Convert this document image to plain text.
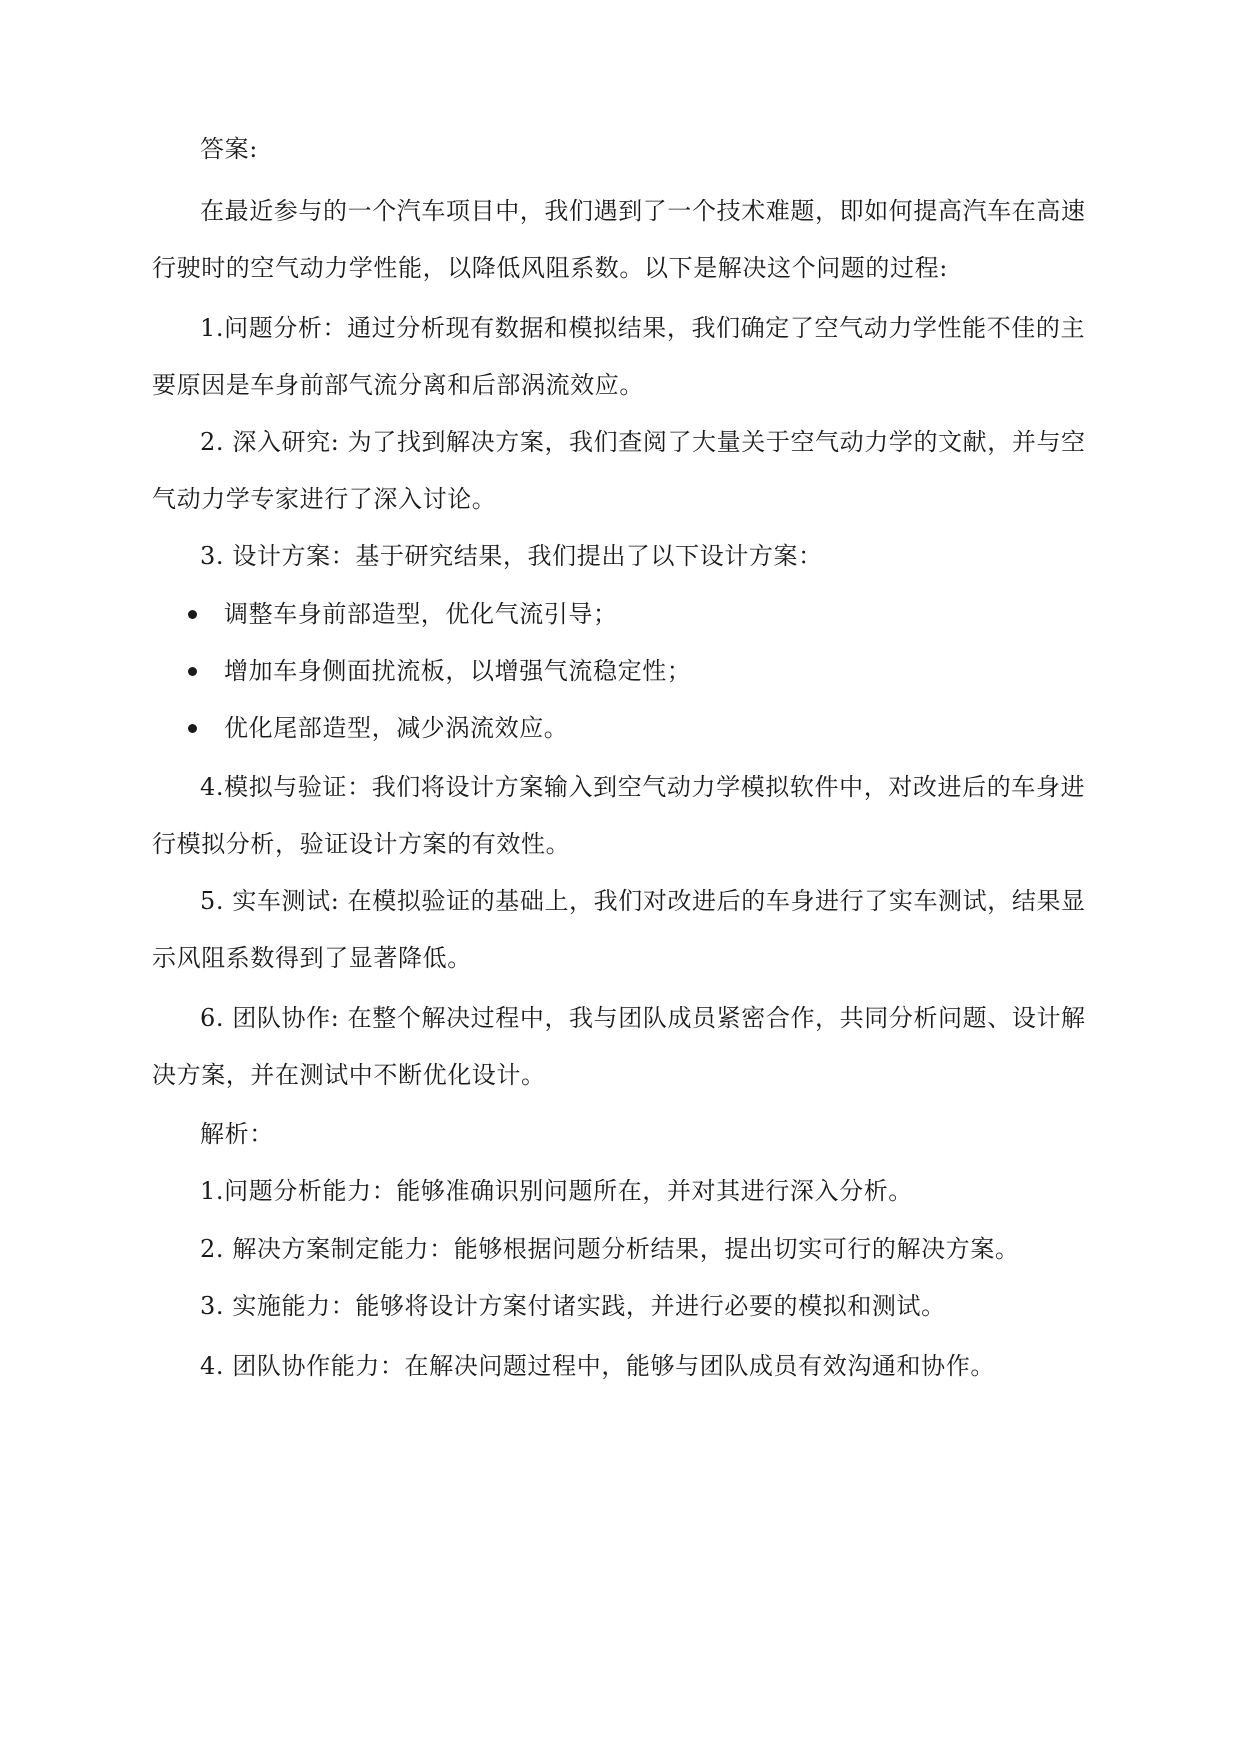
答案:
在最近参与的一个汽车项目中，我们遇到了一个技术难题，即如何提高汽车在高速
行驶时的空气动力学性能，以降低风阻系数。以下是解决这个问题的过程:
1.问题分析：通过分析现有数据和模拟结果，我们确定了空气动力学性能不佳的主
要原因是车身前部气流分离和后部涡流效应。
2. 深入研究: 为了找到解决方案，我们查阅了大量关于空气动力学的文献，并与空
气动力学专家进行了深入讨论。
3. 设计方案：基于研究结果，我们提出了以下设计方案：
调整车身前部造型，优化气流引导；
增加车身侧面扰流板，以增强气流稳定性；
优化尾部造型，减少涡流效应。
4.模拟与验证：我们将设计方案输入到空气动力学模拟软件中，对改进后的车身进
行模拟分析，验证设计方案的有效性。
5. 实车测试: 在模拟验证的基础上，我们对改进后的车身进行了实车测试，结果显
示风阻系数得到了显著降低。
6. 团队协作: 在整个解决过程中，我与团队成员紧密合作，共同分析问题、设计解
决方案，并在测试中不断优化设计。
解析：
1.问题分析能力：能够准确识别问题所在，并对其进行深入分析。
2. 解决方案制定能力：能够根据问题分析结果，提出切实可行的解决方案。
3. 实施能力：能够将设计方案付诸实践，并进行必要的模拟和测试。
4. 团队协作能力：在解决问题过程中，能够与团队成员有效沟通和协作。
